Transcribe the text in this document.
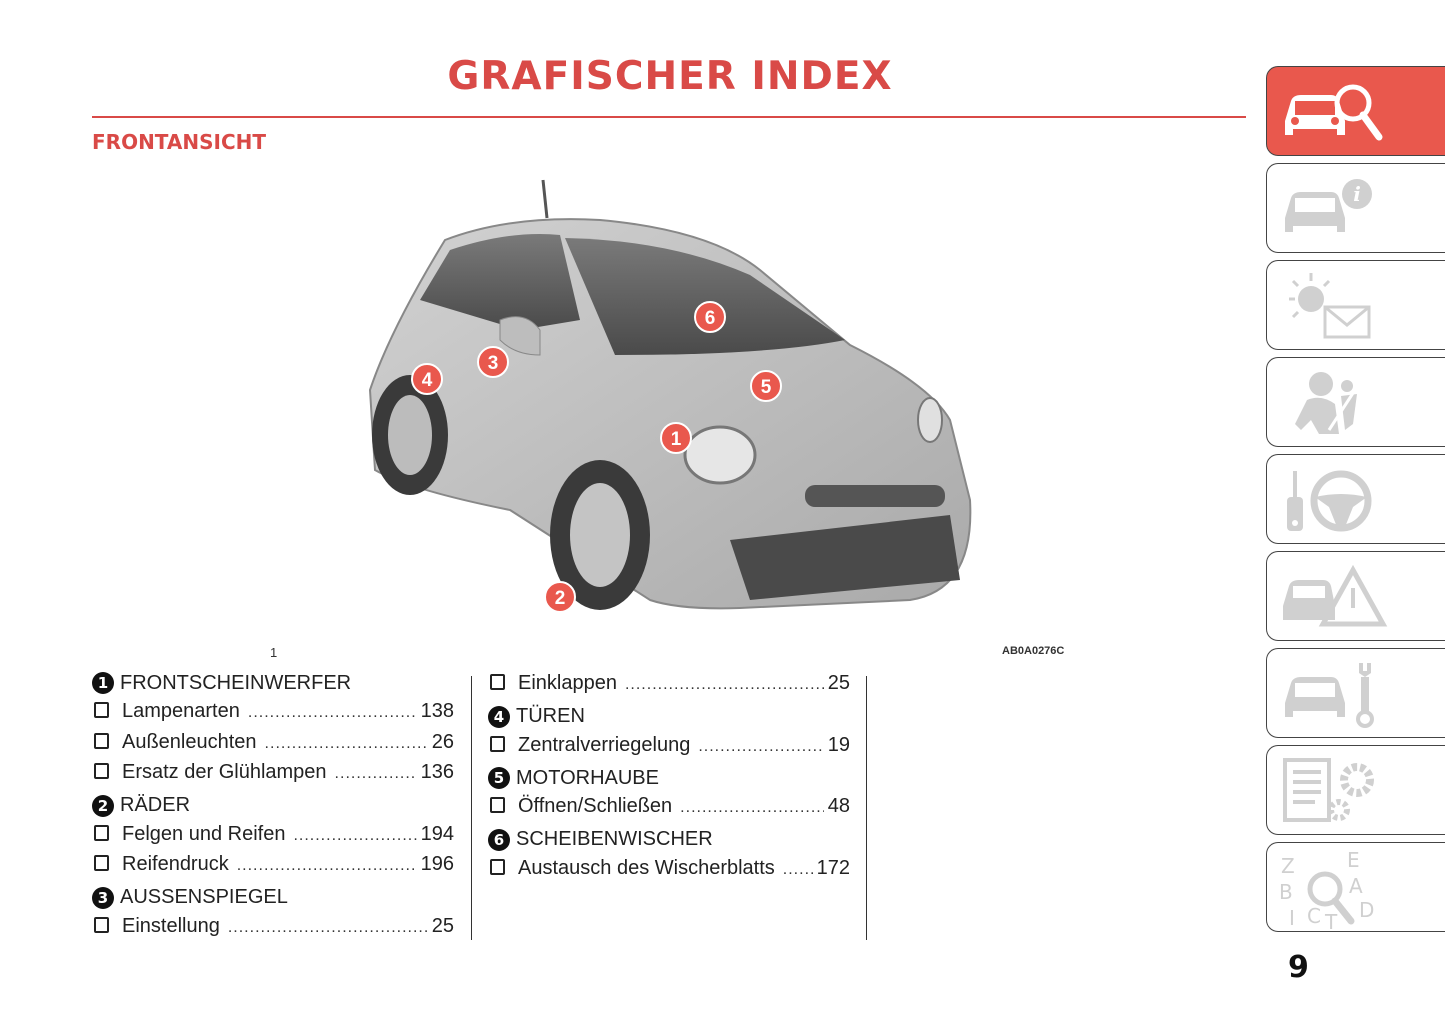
GRAFISCHER INDEX
FRONTANSICHT
1
2
3
4	5
6
1	AB0A0276C
1 FRONTSCHEINWERFER
Lampenarten .....	138
Außenleuchten .....	26
Ersatz der Glühlampen .....	136
2 RÄDER
Felgen und Reifen .....	194
Reifendruck .....	196
3 AUSSENSPIEGEL
Einstellung .....	25
Einklappen .....	25
4 TÜREN
Zentralverriegelung .....	19
5 MOTORHAUBE
Öffnen/Schließen .....	48
6 SCHEIBENWISCHER
Austausch des Wischerblatts ..... 172
i
Z	E
B	A
I C T D
9
